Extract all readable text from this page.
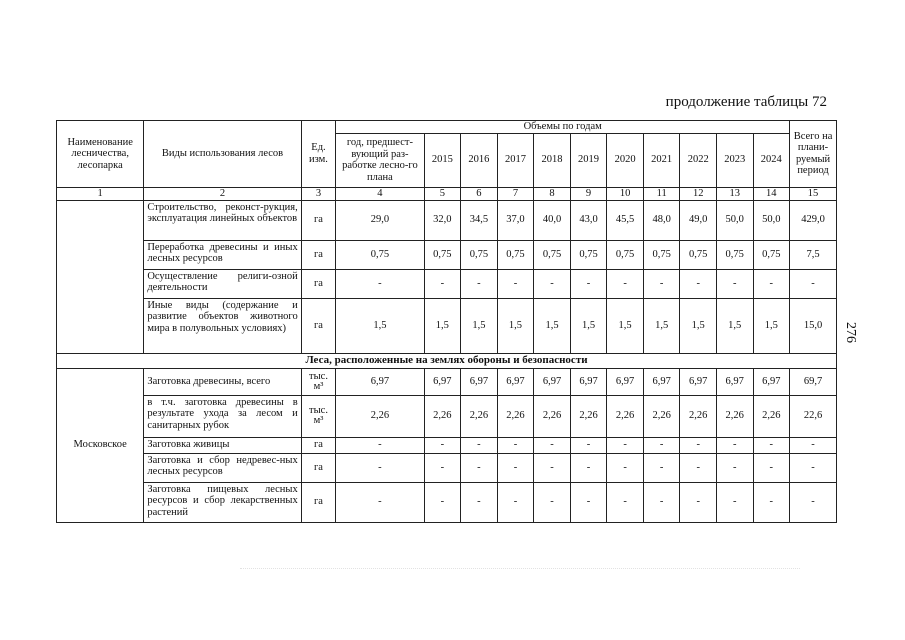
продолжение таблицы 72
276
Наименование лесничества, лесопарка	Виды использования лесов	Ед. изм.	Объемы по годам											Всего на плани-руемый период
			год, предшест-вующий раз-работке лесно-го плана	2015	2016	2017	2018	2019	2020	2021	2022	2023	2024	
1	2	3	4	5	6	7	8	9	10	11	12	13	14	15
	Строительство, реконст-рукция, эксплуатация линейных объектов	га	29,0	32,0	34,5	37,0	40,0	43,0	45,5	48,0	49,0	50,0	50,0	429,0
	Переработка древесины и иных лесных ресурсов	га	0,75	0,75	0,75	0,75	0,75	0,75	0,75	0,75	0,75	0,75	0,75	7,5
	Осуществление религи-озной деятельности	га	-	-	-	-	-	-	-	-	-	-	-	-
	Иные виды (содержание и развитие объектов животного мира в полувольных условиях)	га	1,5	1,5	1,5	1,5	1,5	1,5	1,5	1,5	1,5	1,5	1,5	15,0
Леса, расположенные на землях обороны и безопасности														
Московское	Заготовка древесины, всего	тыс. м³	6,97	6,97	6,97	6,97	6,97	6,97	6,97	6,97	6,97	6,97	6,97	69,7
	в т.ч. заготовка древесины в результате ухода за лесом и санитарных рубок	тыс. м³	2,26	2,26	2,26	2,26	2,26	2,26	2,26	2,26	2,26	2,26	2,26	22,6
	Заготовка живицы	га	-	-	-	-	-	-	-	-	-	-	-	-
	Заготовка и сбор недревес-ных лесных ресурсов	га	-	-	-	-	-	-	-	-	-	-	-	-
	Заготовка пищевых лесных ресурсов и сбор лекарственных растений	га	-	-	-	-	-	-	-	-	-	-	-	-
